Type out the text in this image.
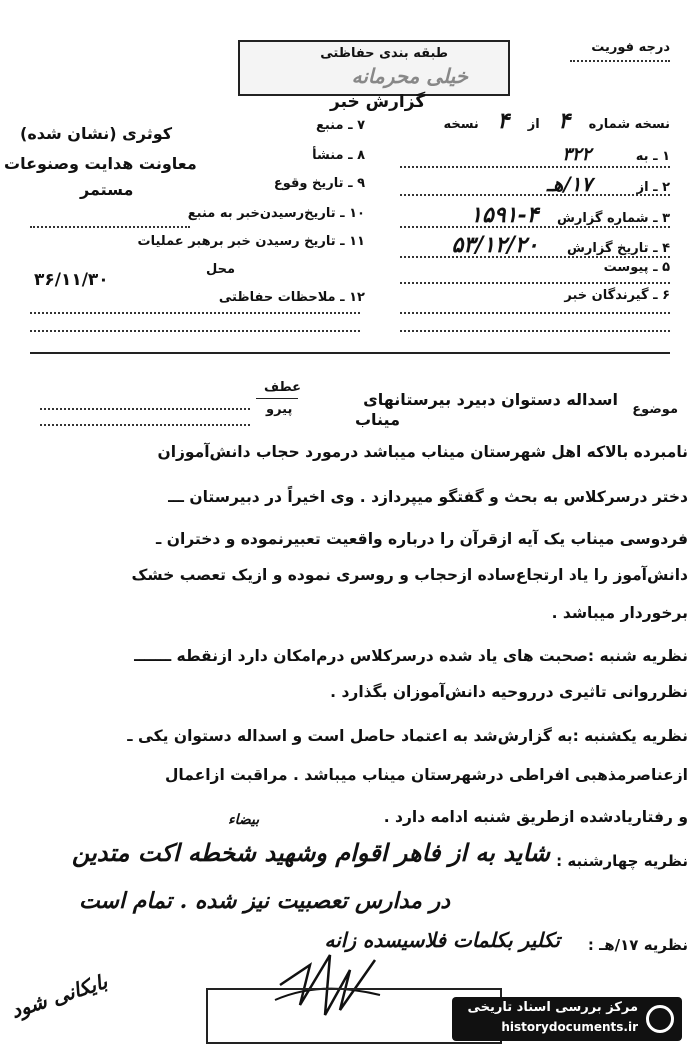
درجه فوریت
طبقه بندی حفاظتی
خیلی محرمانه
گزارش خبر
نسخه شماره ۴ از ۴ نسخه
۱ ـ به ۳۲۲
۲ ـ از ۱۷/هـ
۳ ـ شماره گزارش ۴-۱۵۹۱
۴ ـ تاریخ گزارش ۵۳/۱۲/۲۰
۵ ـ پیوست
۶ ـ گیرندگان خبر
۷ ـ منبع
کوثری (نشان شده)
۸ ـ منشأ
معاونت هدایت وصنوعات
۹ ـ تاریخ وقوع
مستمر
۱۰ ـ تاریخ‌رسیدن‌خبر به منبع
۱۱ ـ تاریخ رسیدن خبر برهبر عملیات
محل
۳۶/۱۱/۳۰
۱۲ ـ ملاحظات حفاظتی
موضوع
اسداله دستوان دبیرد بیرستانهای
میناب
عطف
پیرو
نامبرده بالاکه اهل شهرستان میناب میباشد درمورد حجاب دانش‌آموزان
دختر درسرکلاس به بحث و گفتگو میپردازد . وی اخیراً در دبیرستان ـــ
فردوسی میناب یک آیه ازقرآن را درباره واقعیت تعبیرنموده و دختران ـ
دانش‌آموز را یاد ارتجاع‌ساده ازحجاب و روسری نموده و ازیک تعصب خشک
برخوردار میباشد .
نظریه شنبه :صحبت های یاد شده درسرکلاس درم‌امکان دارد ازنقطه ـــــــ
نظرروانی تاثیری درروحیه دانش‌آموزان بگذارد .
نظریه یکشنبه :به گزارش‌شد به اعتماد حاصل است و اسداله دستوان یکی ـ
ازعناصرمذهبی افراطی درشهرستان میناب میباشد . مراقبت ازاعمال
و رفتاریادشده ازطریق شنبه ادامه دارد .
بیضاء
نظریه چهارشنبه :
شاید به از فاهر اقوام وشهید شخطه اکت متدین
در مدارس تعصبیت نیز شده . تمام است
نظریه ۱۷/هـ :
تکلیر بکلمات فلاسیسده زانه
بایکانی شود	مرکز بررسی اسناد تاریخی
historydocuments.ir
